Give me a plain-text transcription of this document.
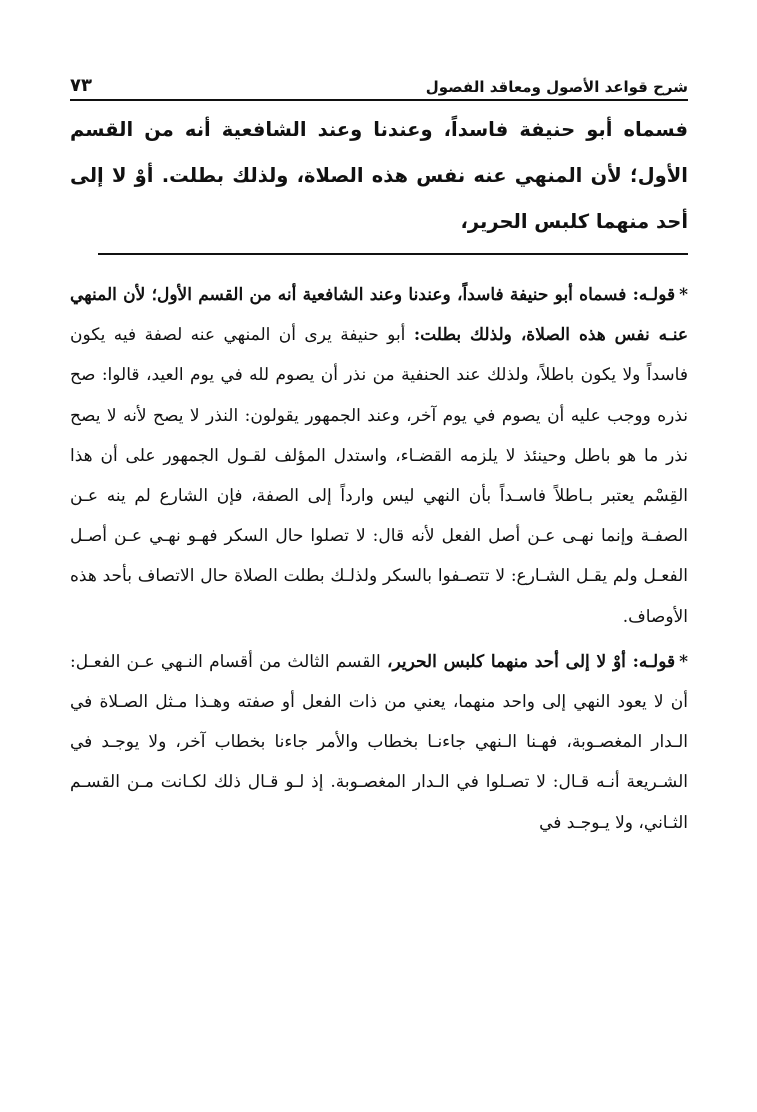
شرح قواعد الأصول ومعاقد الفصول
٧٣

فسماه أبو حنيفة فاسداً، وعندنا وعند الشافعية أنه من القسم الأول؛ لأن المنهي عنه نفس هذه الصلاة، ولذلك بطلت. أوْ لا إلى أحد منهما كلبس الحرير،

*قولـه: فسماه أبو حنيفة فاسداً، وعندنا وعند الشافعية أنه من القسم الأول؛ لأن المنهي عنـه نفس هذه الصلاة، ولذلك بطلت: أبو حنيفة يرى أن المنهي عنه لصفة فيه يكون فاسداً ولا يكون باطلاً، ولذلك عند الحنفية من نذر أن يصوم لله في يوم العيد، قالوا: صح نذره ووجب عليه أن يصوم في يوم آخر، وعند الجمهور يقولون: النذر لا يصح لأنه لا يصح نذر ما هو باطل وحينئذ لا يلزمه القضـاء، واستدل المؤلف لقـول الجمهور على أن هذا القِسْم يعتبر بـاطلاً فاسـداً بأن النهي ليس وارداً إلى الصفة، فإن الشارع لم ينه عـن الصفـة وإنما نهـى عـن أصل الفعل لأنه قال: لا تصلوا حال السكر فهـو نهـي عـن أصـل الفعـل ولم يقـل الشـارع: لا تتصـفوا بالسكر ولذلـك بطلت الصلاة حال الاتصاف بأحد هذه الأوصاف.

*قولـه: أوْ لا إلى أحد منهما كلبس الحرير، القسم الثالث من أقسام النـهي عـن الفعـل: أن لا يعود النهي إلى واحد منهما، يعني من ذات الفعل أو صفته وهـذا مـثل الصـلاة في الـدار المغصـوبة، فهـنا الـنهي جاءنـا بخطاب والأمر جاءنا بخطاب آخر، ولا يوجـد في الشـريعة أنـه قـال: لا تصـلوا في الـدار المغصـوبة. إذ لـو قـال ذلك لكـانت مـن القسـم الثـاني، ولا يـوجـد في
